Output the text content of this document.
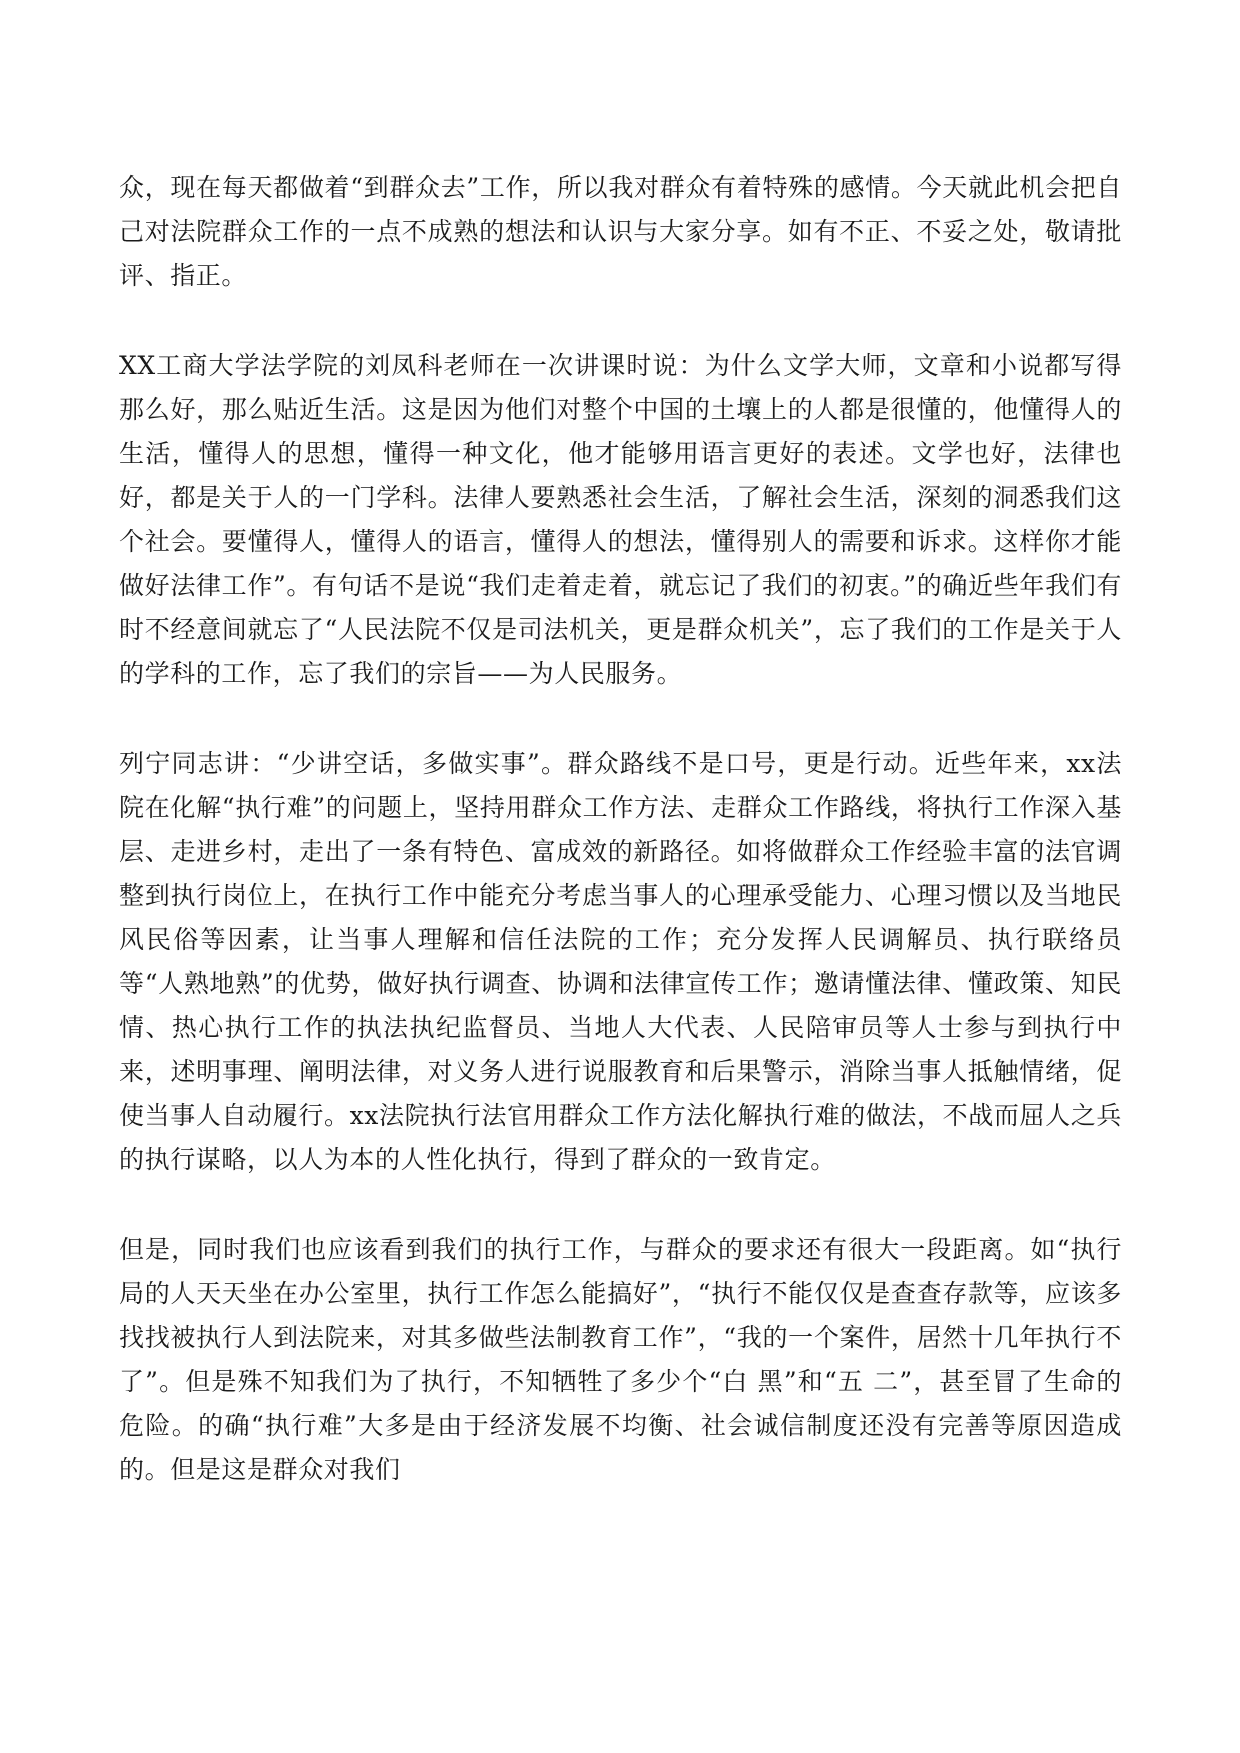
众，现在每天都做着“到群众去”工作，所以我对群众有着特殊的感情。今天就此机会把自己对法院群众工作的一点不成熟的想法和认识与大家分享。如有不正、不妥之处，敬请批评、指正。

XX工商大学法学院的刘凤科老师在一次讲课时说：为什么文学大师，文章和小说都写得那么好，那么贴近生活。这是因为他们对整个中国的土壤上的人都是很懂的，他懂得人的生活，懂得人的思想，懂得一种文化，他才能够用语言更好的表述。文学也好，法律也好，都是关于人的一门学科。法律人要熟悉社会生活，了解社会生活，深刻的洞悉我们这个社会。要懂得人，懂得人的语言，懂得人的想法，懂得别人的需要和诉求。这样你才能做好法律工作”。有句话不是说“我们走着走着，就忘记了我们的初衷。”的确近些年我们有时不经意间就忘了“人民法院不仅是司法机关，更是群众机关”，忘了我们的工作是关于人的学科的工作，忘了我们的宗旨——为人民服务。

列宁同志讲：“少讲空话，多做实事”。群众路线不是口号，更是行动。近些年来，xx法院在化解“执行难”的问题上，坚持用群众工作方法、走群众工作路线，将执行工作深入基层、走进乡村，走出了一条有特色、富成效的新路径。如将做群众工作经验丰富的法官调整到执行岗位上，在执行工作中能充分考虑当事人的心理承受能力、心理习惯以及当地民风民俗等因素，让当事人理解和信任法院的工作；充分发挥人民调解员、执行联络员等“人熟地熟”的优势，做好执行调查、协调和法律宣传工作；邀请懂法律、懂政策、知民情、热心执行工作的执法执纪监督员、当地人大代表、人民陪审员等人士参与到执行中来，述明事理、阐明法律，对义务人进行说服教育和后果警示，消除当事人抵触情绪，促使当事人自动履行。xx法院执行法官用群众工作方法化解执行难的做法，不战而屈人之兵的执行谋略，以人为本的人性化执行，得到了群众的一致肯定。

但是，同时我们也应该看到我们的执行工作，与群众的要求还有很大一段距离。如“执行局的人天天坐在办公室里，执行工作怎么能搞好”，“执行不能仅仅是查查存款等，应该多找找被执行人到法院来，对其多做些法制教育工作”，“我的一个案件，居然十几年执行不了”。但是殊不知我们为了执行，不知牺牲了多少个“白 黑”和“五 二”，甚至冒了生命的危险。的确“执行难”大多是由于经济发展不均衡、社会诚信制度还没有完善等原因造成的。但是这是群众对我们
